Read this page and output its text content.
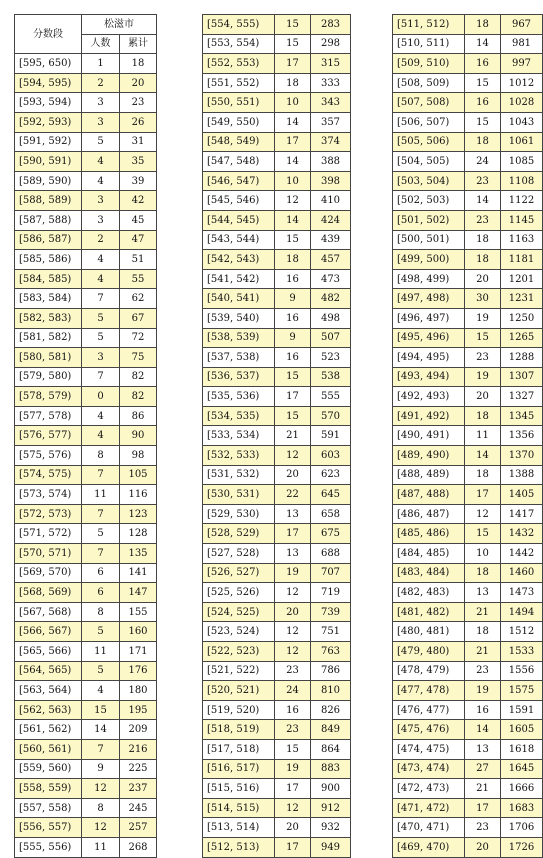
分数段	松滋市	
	人数	累计
[595, 650)	1	18
[594, 595)	2	20
[593, 594)	3	23
[592, 593)	3	26
[591, 592)	5	31
[590, 591)	4	35
[589, 590)	4	39
[588, 589)	3	42
[587, 588)	3	45
[586, 587)	2	47
[585, 586)	4	51
[584, 585)	4	55
[583, 584)	7	62
[582, 583)	5	67
[581, 582)	5	72
[580, 581)	3	75
[579, 580)	7	82
[578, 579)	0	82
[577, 578)	4	86
[576, 577)	4	90
[575, 576)	8	98
[574, 575)	7	105
[573, 574)	11	116
[572, 573)	7	123
[571, 572)	5	128
[570, 571)	7	135
[569, 570)	6	141
[568, 569)	6	147
[567, 568)	8	155
[566, 567)	5	160
[565, 566)	11	171
[564, 565)	5	176
[563, 564)	4	180
[562, 563)	15	195
[561, 562)	14	209
[560, 561)	7	216
[559, 560)	9	225
[558, 559)	12	237
[557, 558)	8	245
[556, 557)	12	257
[555, 556)	11	268
[554, 555)	15	283
[553, 554)	15	298
[552, 553)	17	315
[551, 552)	18	333
[550, 551)	10	343
[549, 550)	14	357
[548, 549)	17	374
[547, 548)	14	388
[546, 547)	10	398
[545, 546)	12	410
[544, 545)	14	424
[543, 544)	15	439
[542, 543)	18	457
[541, 542)	16	473
[540, 541)	9	482
[539, 540)	16	498
[538, 539)	9	507
[537, 538)	16	523
[536, 537)	15	538
[535, 536)	17	555
[534, 535)	15	570
[533, 534)	21	591
[532, 533)	12	603
[531, 532)	20	623
[530, 531)	22	645
[529, 530)	13	658
[528, 529)	17	675
[527, 528)	13	688
[526, 527)	19	707
[525, 526)	12	719
[524, 525)	20	739
[523, 524)	12	751
[522, 523)	12	763
[521, 522)	23	786
[520, 521)	24	810
[519, 520)	16	826
[518, 519)	23	849
[517, 518)	15	864
[516, 517)	19	883
[515, 516)	17	900
[514, 515)	12	912
[513, 514)	20	932
[512, 513)	17	949
[511, 512)	18	967
[510, 511)	14	981
[509, 510)	16	997
[508, 509)	15	1012
[507, 508)	16	1028
[506, 507)	15	1043
[505, 506)	18	1061
[504, 505)	24	1085
[503, 504)	23	1108
[502, 503)	14	1122
[501, 502)	23	1145
[500, 501)	18	1163
[499, 500)	18	1181
[498, 499)	20	1201
[497, 498)	30	1231
[496, 497)	19	1250
[495, 496)	15	1265
[494, 495)	23	1288
[493, 494)	19	1307
[492, 493)	20	1327
[491, 492)	18	1345
[490, 491)	11	1356
[489, 490)	14	1370
[488, 489)	18	1388
[487, 488)	17	1405
[486, 487)	12	1417
[485, 486)	15	1432
[484, 485)	10	1442
[483, 484)	18	1460
[482, 483)	13	1473
[481, 482)	21	1494
[480, 481)	18	1512
[479, 480)	21	1533
[478, 479)	23	1556
[477, 478)	19	1575
[476, 477)	16	1591
[475, 476)	14	1605
[474, 475)	13	1618
[473, 474)	27	1645
[472, 473)	21	1666
[471, 472)	17	1683
[470, 471)	23	1706
[469, 470)	20	1726
